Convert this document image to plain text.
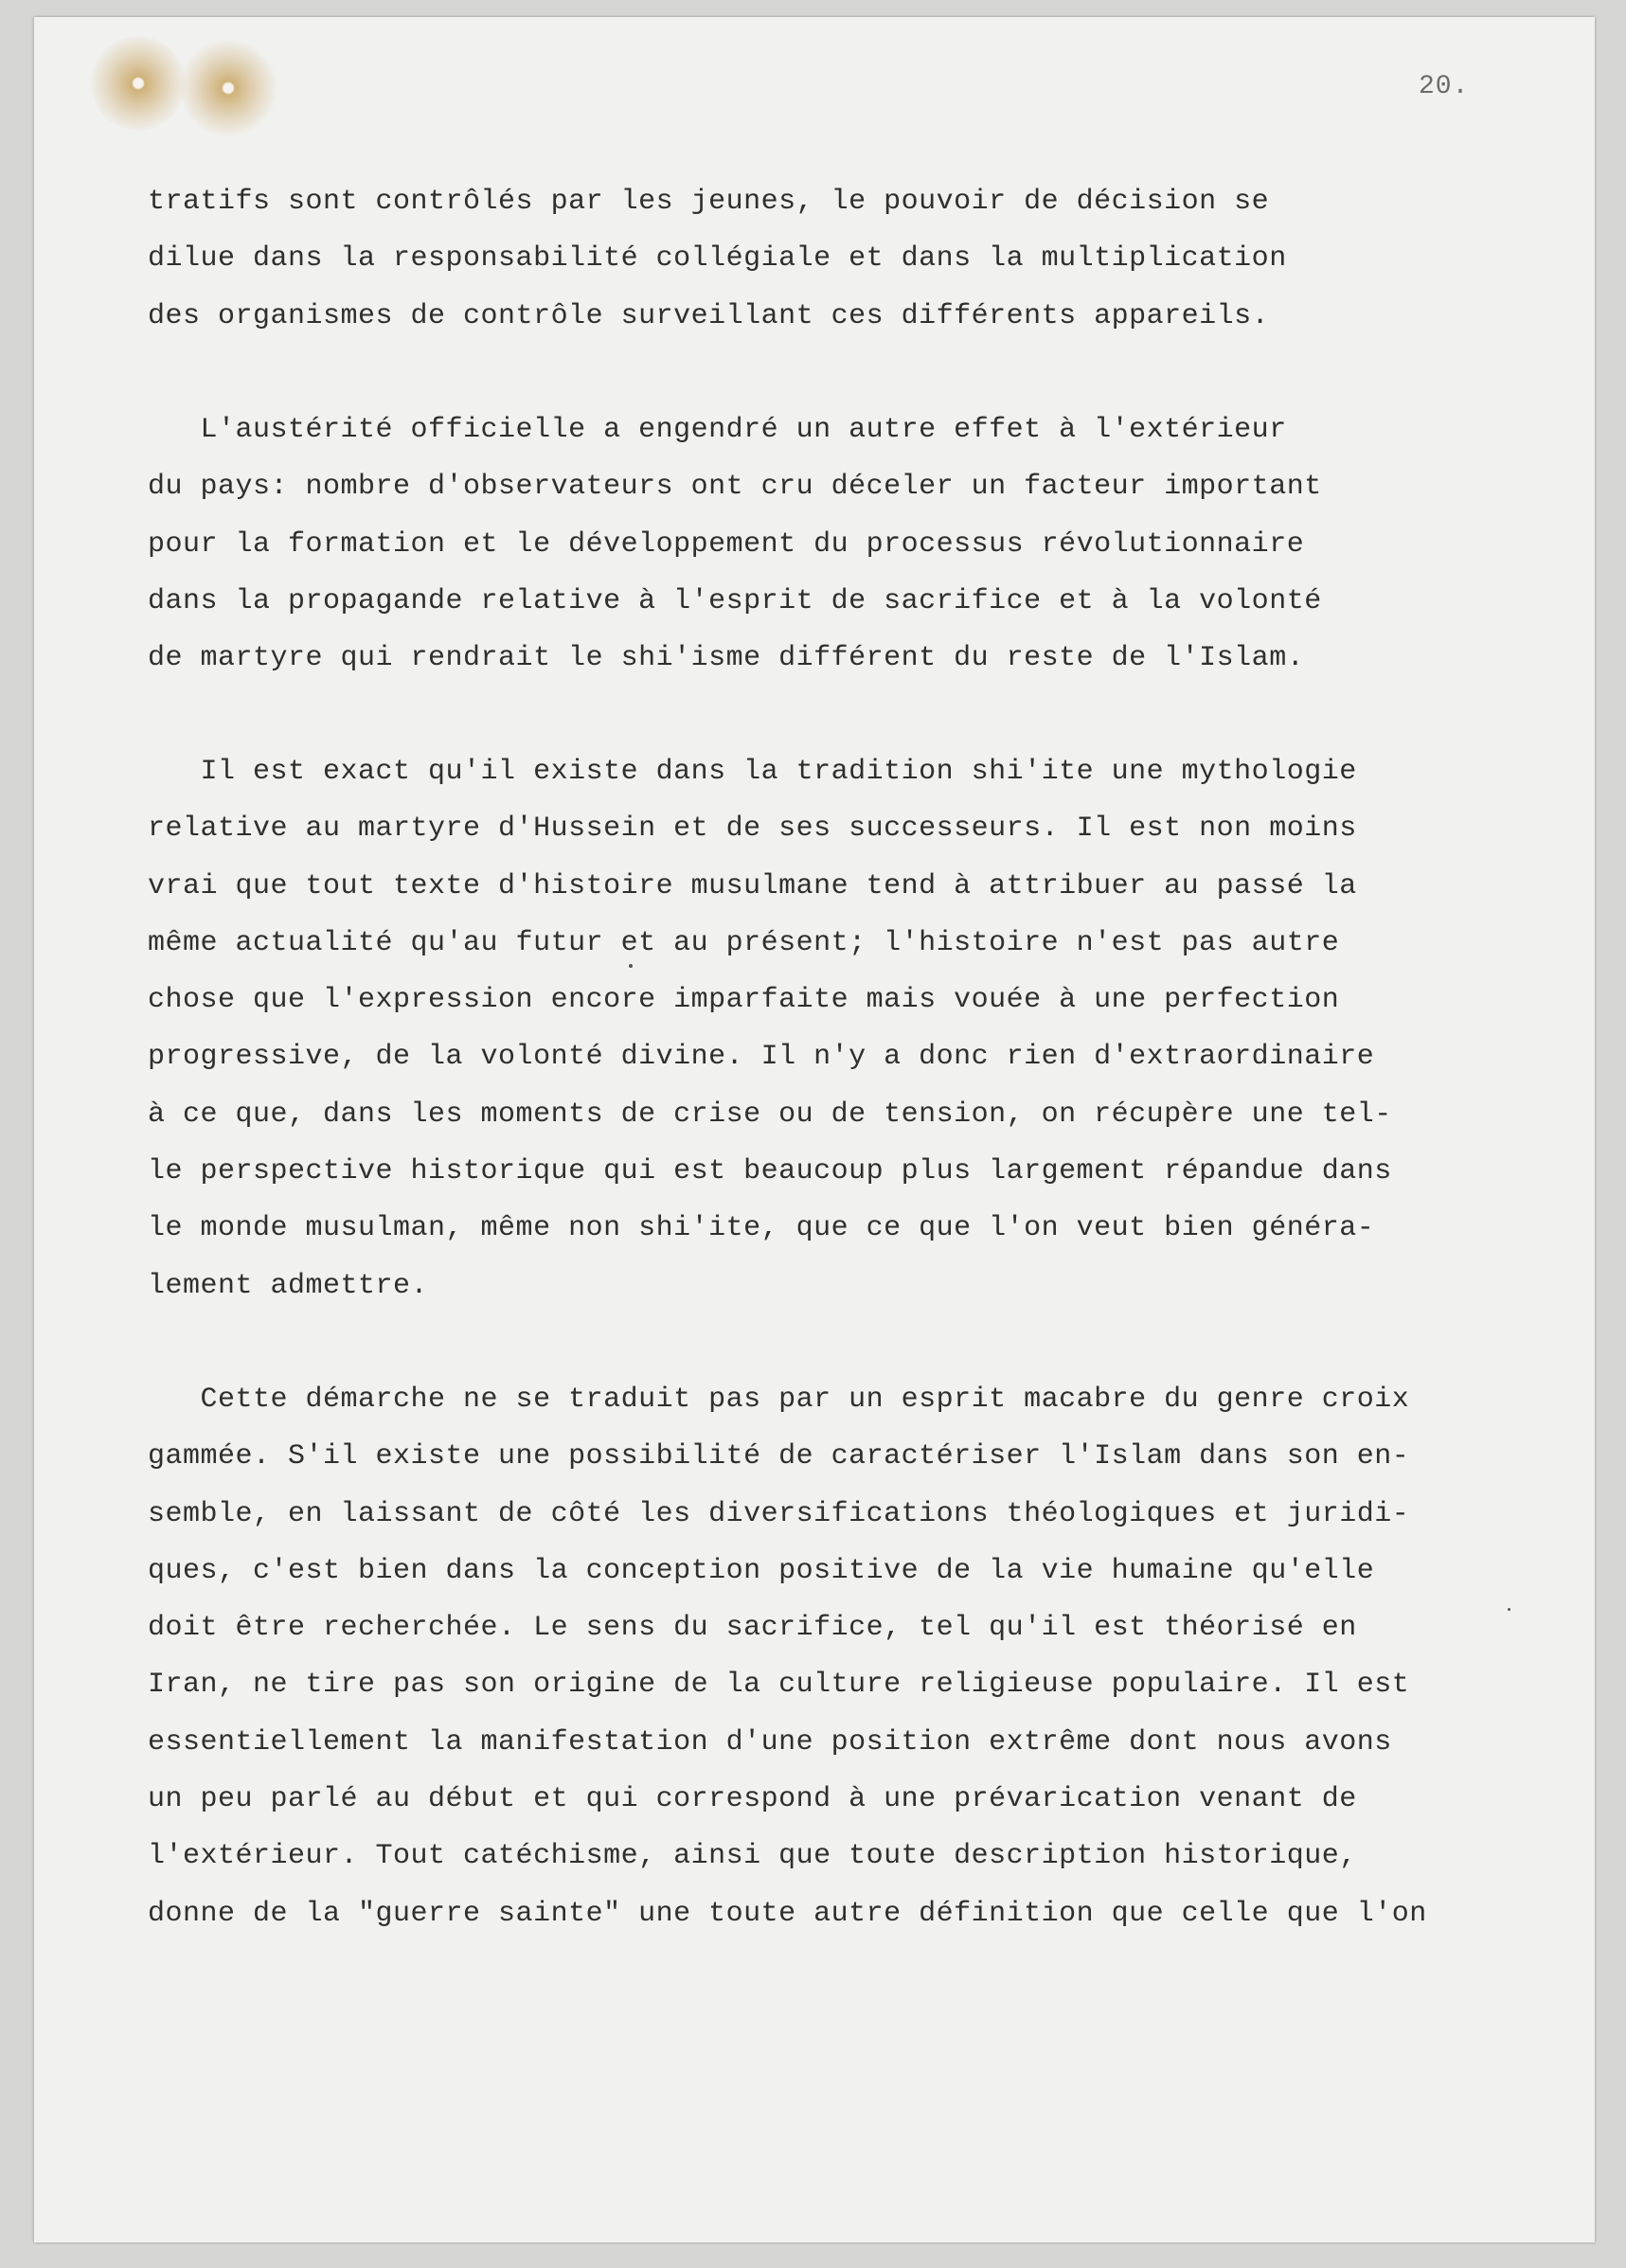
20.

tratifs sont contrôlés par les jeunes, le pouvoir de décision se
dilue dans la responsabilité collégiale et dans la multiplication
des organismes de contrôle surveillant ces différents appareils.
L'austérité officielle a engendré un autre effet à l'extérieur
du pays: nombre d'observateurs ont cru déceler un facteur important
pour la formation et le développement du processus révolutionnaire
dans la propagande relative à l'esprit de sacrifice et à la volonté
de martyre qui rendrait le shi'isme différent du reste de l'Islam.
Il est exact qu'il existe dans la tradition shi'ite une mythologie
relative au martyre d'Hussein et de ses successeurs. Il est non moins
vrai que tout texte d'histoire musulmane tend à attribuer au passé la
même actualité qu'au futur et au présent; l'histoire n'est pas autre
chose que l'expression encore imparfaite mais vouée à une perfection
progressive, de la volonté divine. Il n'y a donc rien d'extraordinaire
à ce que, dans les moments de crise ou de tension, on récupère une tel-
le perspective historique qui est beaucoup plus largement répandue dans
le monde musulman, même non shi'ite, que ce que l'on veut bien généra-
lement admettre.
Cette démarche ne se traduit pas par un esprit macabre du genre croix
gammée. S'il existe une possibilité de caractériser l'Islam dans son en-
semble, en laissant de côté les diversifications théologiques et juridi-
ques, c'est bien dans la conception positive de la vie humaine qu'elle
doit être recherchée. Le sens du sacrifice, tel qu'il est théorisé en
Iran, ne tire pas son origine de la culture religieuse populaire. Il est
essentiellement la manifestation d'une position extrême dont nous avons
un peu parlé au début et qui correspond à une prévarication venant de
l'extérieur. Tout catéchisme, ainsi que toute description historique,
donne de la "guerre sainte" une toute autre définition que celle que l'on
